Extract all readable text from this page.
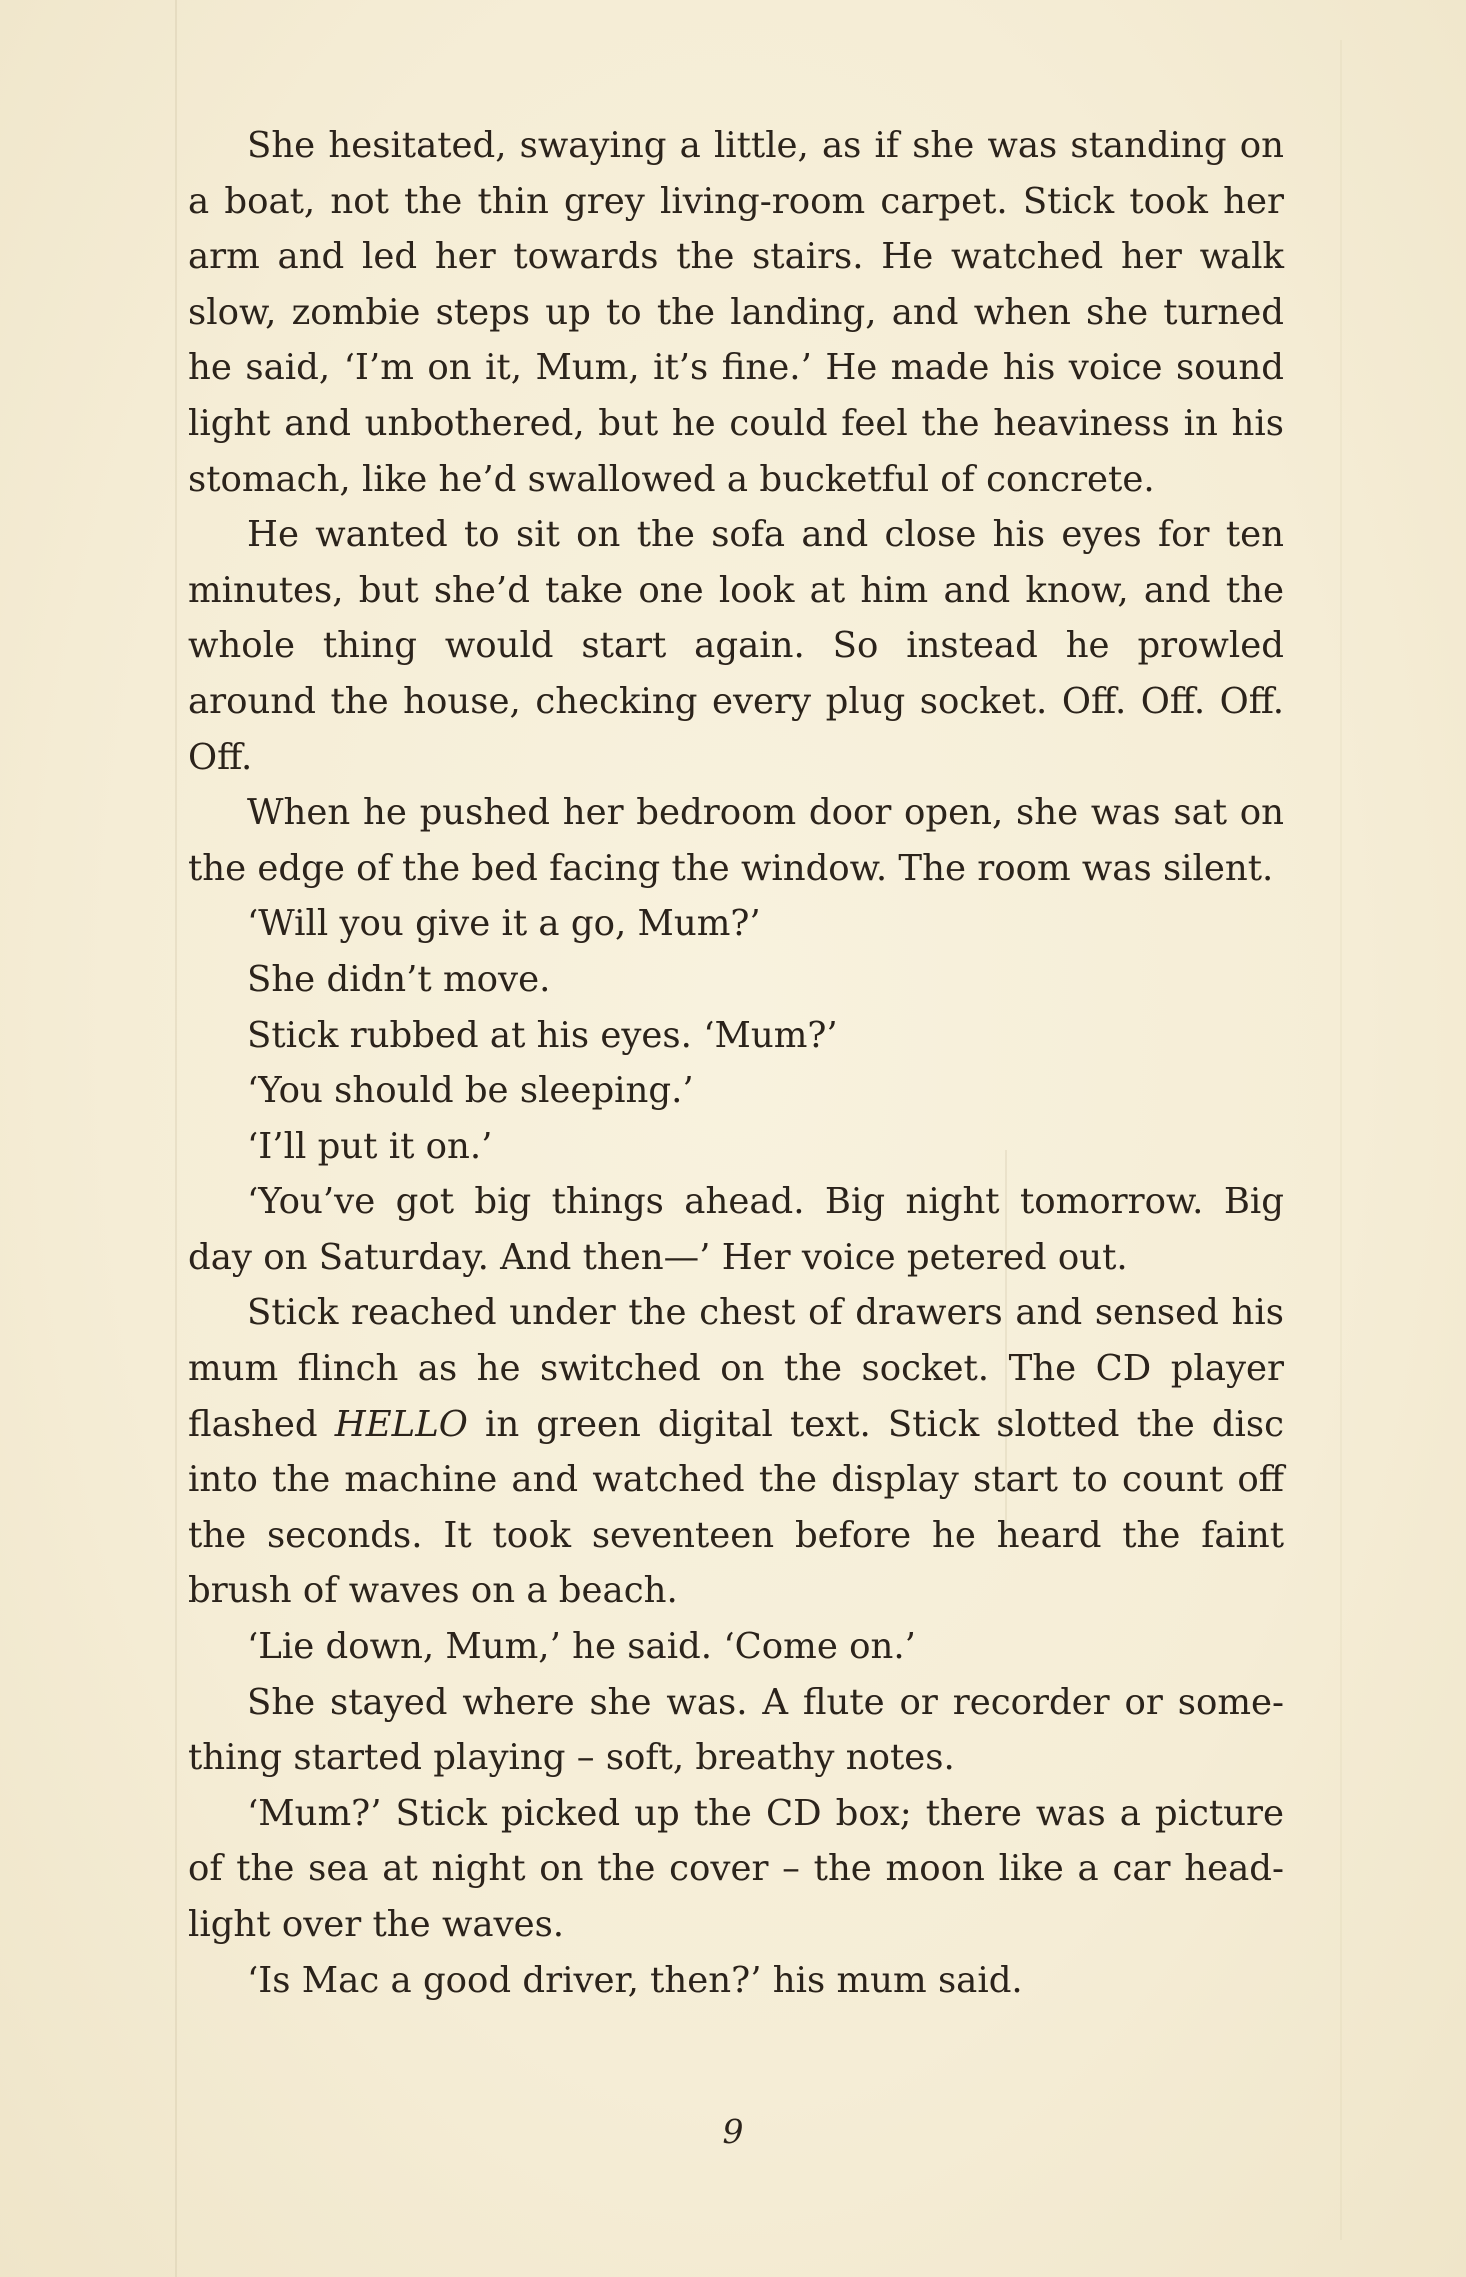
She hesitated, swaying a little, as if she was standing on a boat, not the thin grey living-room carpet. Stick took her arm and led her towards the stairs. He watched her walk slow, zombie steps up to the landing, and when she turned he said, ‘I’m on it, Mum, it’s fine.’ He made his voice sound light and unbothered, but he could feel the heaviness in his stomach, like he’d swallowed a bucketful of concrete.

He wanted to sit on the sofa and close his eyes for ten minutes, but she’d take one look at him and know, and the whole thing would start again. So instead he prowled around the house, checking every plug socket. Off. Off. Off. Off.

When he pushed her bedroom door open, she was sat on the edge of the bed facing the window. The room was silent.

‘Will you give it a go, Mum?’

She didn’t move.

Stick rubbed at his eyes. ‘Mum?’

‘You should be sleeping.’

‘I’ll put it on.’

‘You’ve got big things ahead. Big night tomorrow. Big day on Saturday. And then—’ Her voice petered out.

Stick reached under the chest of drawers and sensed his mum flinch as he switched on the socket. The CD player flashed HELLO in green digital text. Stick slotted the disc into the machine and watched the display start to count off the seconds. It took seventeen before he heard the faint brush of waves on a beach.

‘Lie down, Mum,’ he said. ‘Come on.’

She stayed where she was. A flute or recorder or something started playing – soft, breathy notes.

‘Mum?’ Stick picked up the CD box; there was a picture of the sea at night on the cover – the moon like a car headlight over the waves.

‘Is Mac a good driver, then?’ his mum said.

9
